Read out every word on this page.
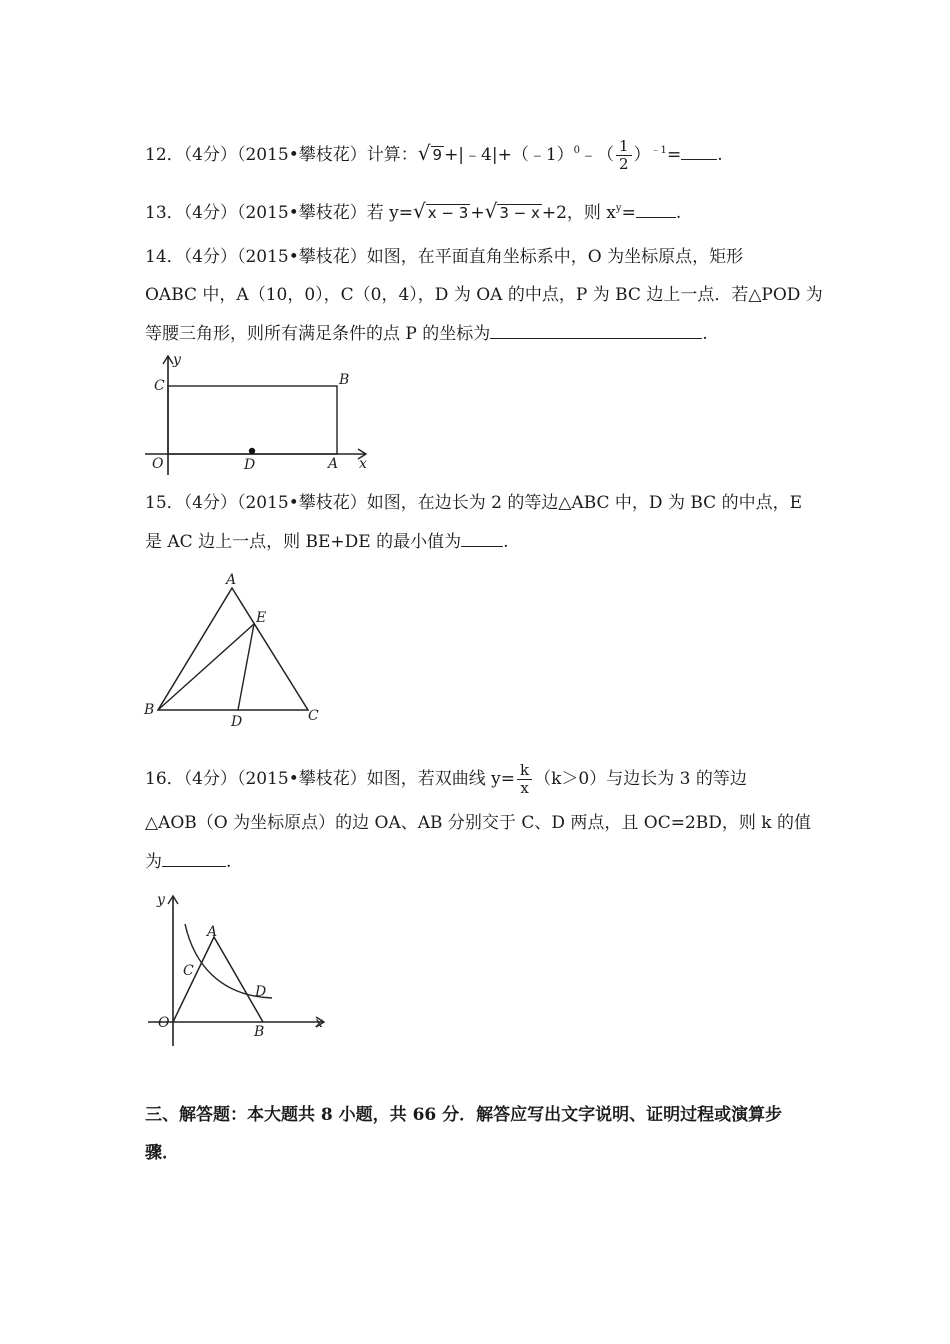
12．（4分）（2015•攀枝花）计算：√ 9 +|﹣4|+（﹣1）$^0$﹣（ $\frac{1}{2} )^{﹣1}=$ .
13．（4分）（2015•攀枝花）若 y=√ x − 3 +√ 3 − x +2，则 $x^y=$ .
14．（4分）（2015•攀枝花）如图，在平面直角坐标系中，O 为坐标原点，矩形
OABC 中，A（10，0），C（0，4），D 为 OA 的中点，P 为 BC 边上一点．若△POD 为
等腰三角形，则所有满足条件的点 P 的坐标为	.
y
C	B
O	D	A x
15．（4分）（2015•攀枝花）如图，在边长为 2 的等边△ABC 中，D 为 BC 的中点，E
是 AC 边上一点，则 BE+DE 的最小值为 .
A
E
B
D	C
16．（4分）（2015•攀枝花）如图，若双曲线 $y= \frac{k}{x} (k>0)$与边长为 3 的等边
△AOB（O 为坐标原点）的边 OA、AB 分别交于 C、D 两点，且 OC=2BD，则 k 的值
为	.
y
A
C
D
O
B
x
三、解答题：本大题共 8 小题，共 66 分．解答应写出文字说明、证明过程或演算步
骤．
